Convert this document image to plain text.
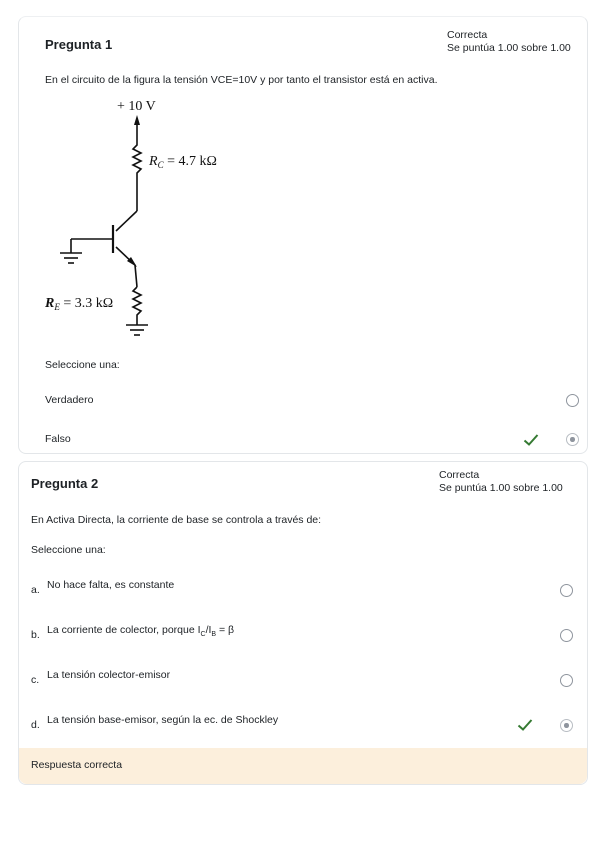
Pregunta 1
Correcta
Se puntúa 1.00 sobre 1.00
En el circuito de la figura la tensión VCE=10V y por tanto el transistor está en activa.
+ 10 V
$R_C = 4.7$ kΩ
$R_E = 3.3$ kΩ
Seleccione una:
Verdadero
Falso
Pregunta 2
Correcta
Se puntúa 1.00 sobre 1.00
En Activa Directa, la corriente de base se controla a través de:
Seleccione una:
a. No hace falta, es constante
b. La corriente de colector, porque $I_C/I_B = \beta$
c. La tensión colector-emisor
d. La tensión base-emisor, según la ec. de Shockley
Respuesta correcta
